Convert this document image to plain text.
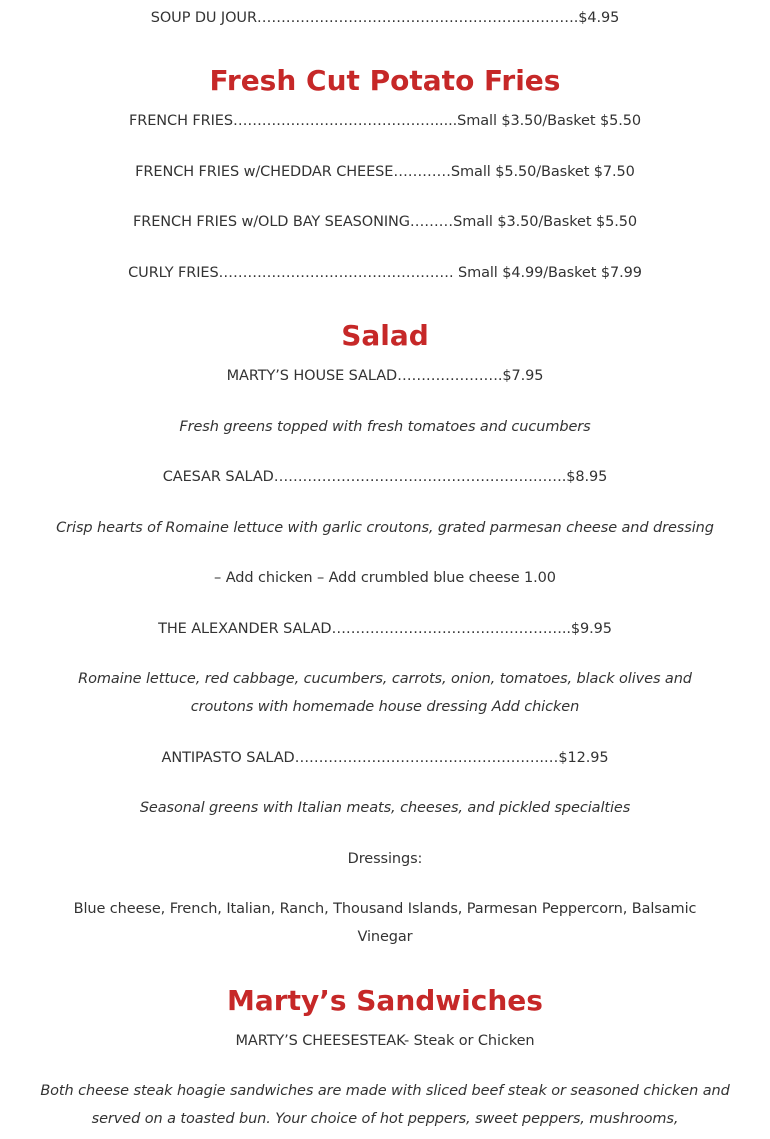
SOUP DU JOUR………………………………………………………….$4.95
Fresh Cut Potato Fries
FRENCH FRIES…………………………………….....Small $3.50/Basket $5.50
FRENCH FRIES w/CHEDDAR CHEESE…………Small $5.50/Basket $7.50
FRENCH FRIES w/OLD BAY SEASONING………Small $3.50/Basket $5.50
CURLY FRIES…………………………………………. Small $4.99/Basket $7.99
Salad
MARTY’S HOUSE SALAD………………….$7.95
Fresh greens topped with fresh tomatoes and cucumbers
CAESAR SALAD…………………………………………………….$8.95
Crisp hearts of Romaine lettuce with garlic croutons, grated parmesan cheese and dressing
– Add chicken – Add crumbled blue cheese 1.00
THE ALEXANDER SALAD…………………………………………..$9.95
Romaine lettuce, red cabbage, cucumbers, carrots, onion, tomatoes, black olives and croutons with homemade house dressing Add chicken
ANTIPASTO SALAD…………………………………………….…$12.95
Seasonal greens with Italian meats, cheeses, and pickled specialties
Dressings:
Blue cheese, French, Italian, Ranch, Thousand Islands, Parmesan Peppercorn, Balsamic Vinegar
Marty’s Sandwiches
MARTY’S CHEESESTEAK- Steak or Chicken
Both cheese steak hoagie sandwiches are made with sliced beef steak or seasoned chicken and served on a toasted bun. Your choice of hot peppers, sweet peppers, mushrooms,
